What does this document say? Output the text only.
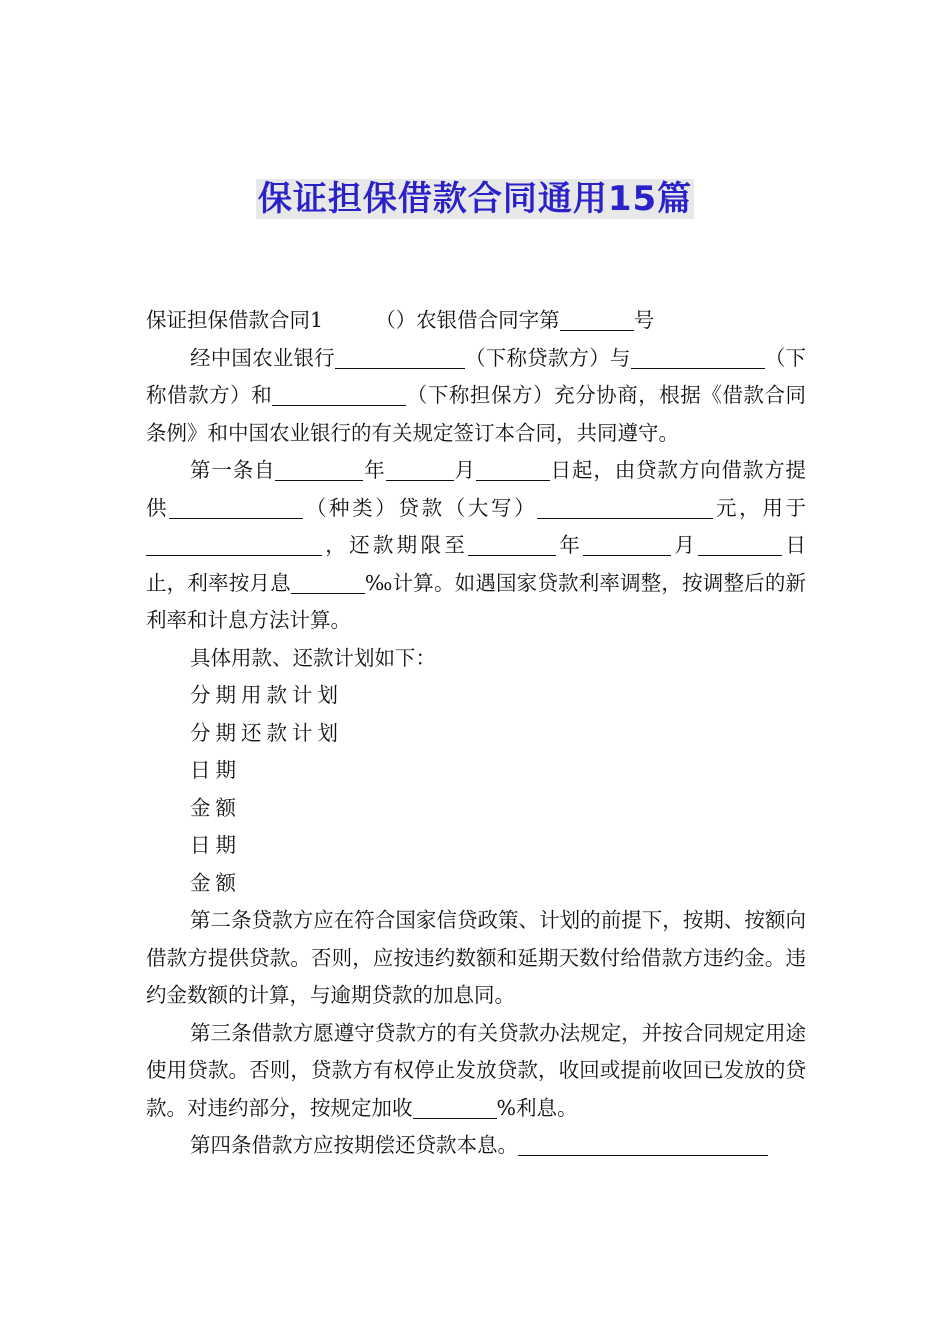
保证担保借款合同通用15篇

保证担保借款合同1	（）农银借合同字第	号

经中国农业银行	（下称贷款方）与	（下称借款方）和	（下称担保方）充分协商，根据《借款合同条例》和中国农业银行的有关规定签订本合同，共同遵守。

第一条自	年	月	日起，由贷款方向借款方提供	（种类）贷款（大写）	元，用于，还款期限至	年	月	日止，利率按月息	‰计算。如遇国家贷款利率调整，按调整后的新利率和计息方法计算。

具体用款、还款计划如下：

分期用款计划

分期还款计划

日期

金额

日期

金额

第二条贷款方应在符合国家信贷政策、计划的前提下，按期、按额向借款方提供贷款。否则，应按违约数额和延期天数付给借款方违约金。违约金数额的计算，与逾期贷款的加息同。

第三条借款方愿遵守贷款方的有关贷款办法规定，并按合同规定用途使用贷款。否则，贷款方有权停止发放贷款，收回或提前收回已发放的贷款。对违约部分，按规定加收	%利息。

第四条借款方应按期偿还贷款本息。
